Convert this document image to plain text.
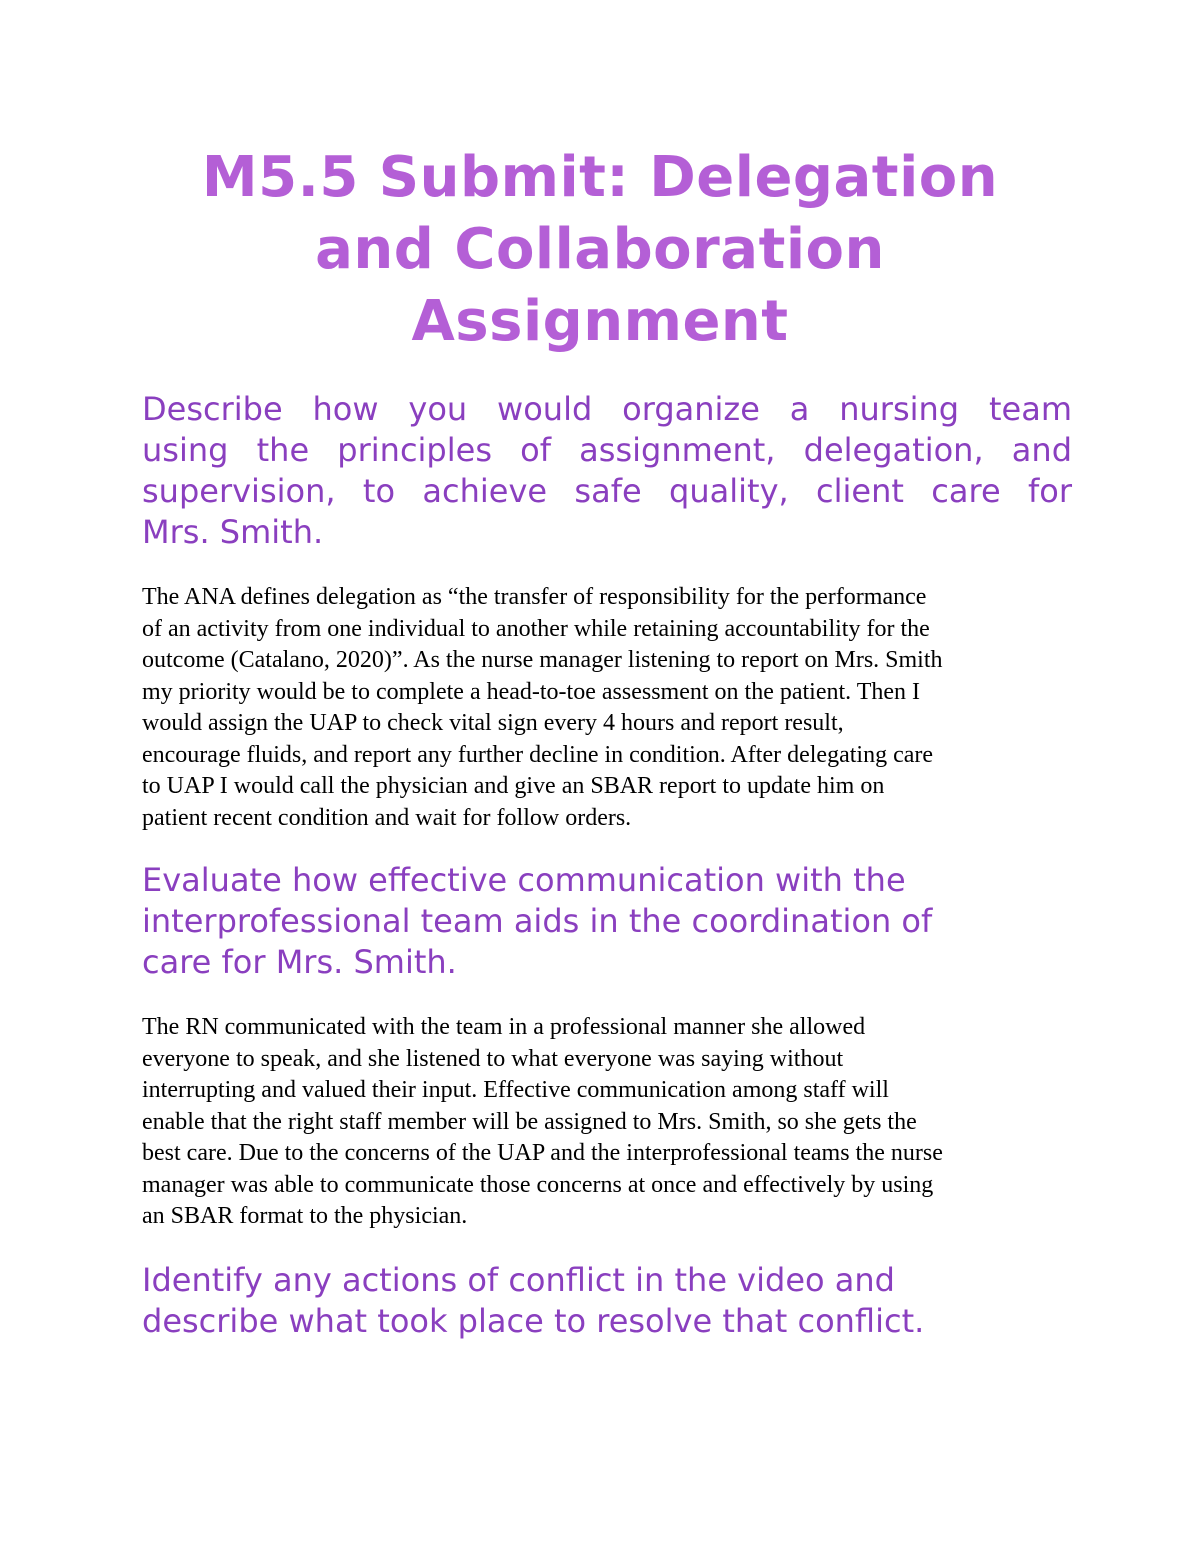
M5.5 Submit: Delegation
and Collaboration
Assignment
Describe how you would organize a nursing team
using the principles of assignment, delegation, and
supervision, to achieve safe quality, client care for
Mrs. Smith.

The ANA defines delegation as “the transfer of responsibility for the performance
of an activity from one individual to another while retaining accountability for the
outcome (Catalano, 2020)”. As the nurse manager listening to report on Mrs. Smith
my priority would be to complete a head-to-toe assessment on the patient. Then I
would assign the UAP to check vital sign every 4 hours and report result,
encourage fluids, and report any further decline in condition. After delegating care
to UAP I would call the physician and give an SBAR report to update him on
patient recent condition and wait for follow orders.

Evaluate how effective communication with the
interprofessional team aids in the coordination of
care for Mrs. Smith.

The RN communicated with the team in a professional manner she allowed
everyone to speak, and she listened to what everyone was saying without
interrupting and valued their input. Effective communication among staff will
enable that the right staff member will be assigned to Mrs. Smith, so she gets the
best care. Due to the concerns of the UAP and the interprofessional teams the nurse
manager was able to communicate those concerns at once and effectively by using
an SBAR format to the physician.

Identify any actions of conflict in the video and
describe what took place to resolve that conflict.
